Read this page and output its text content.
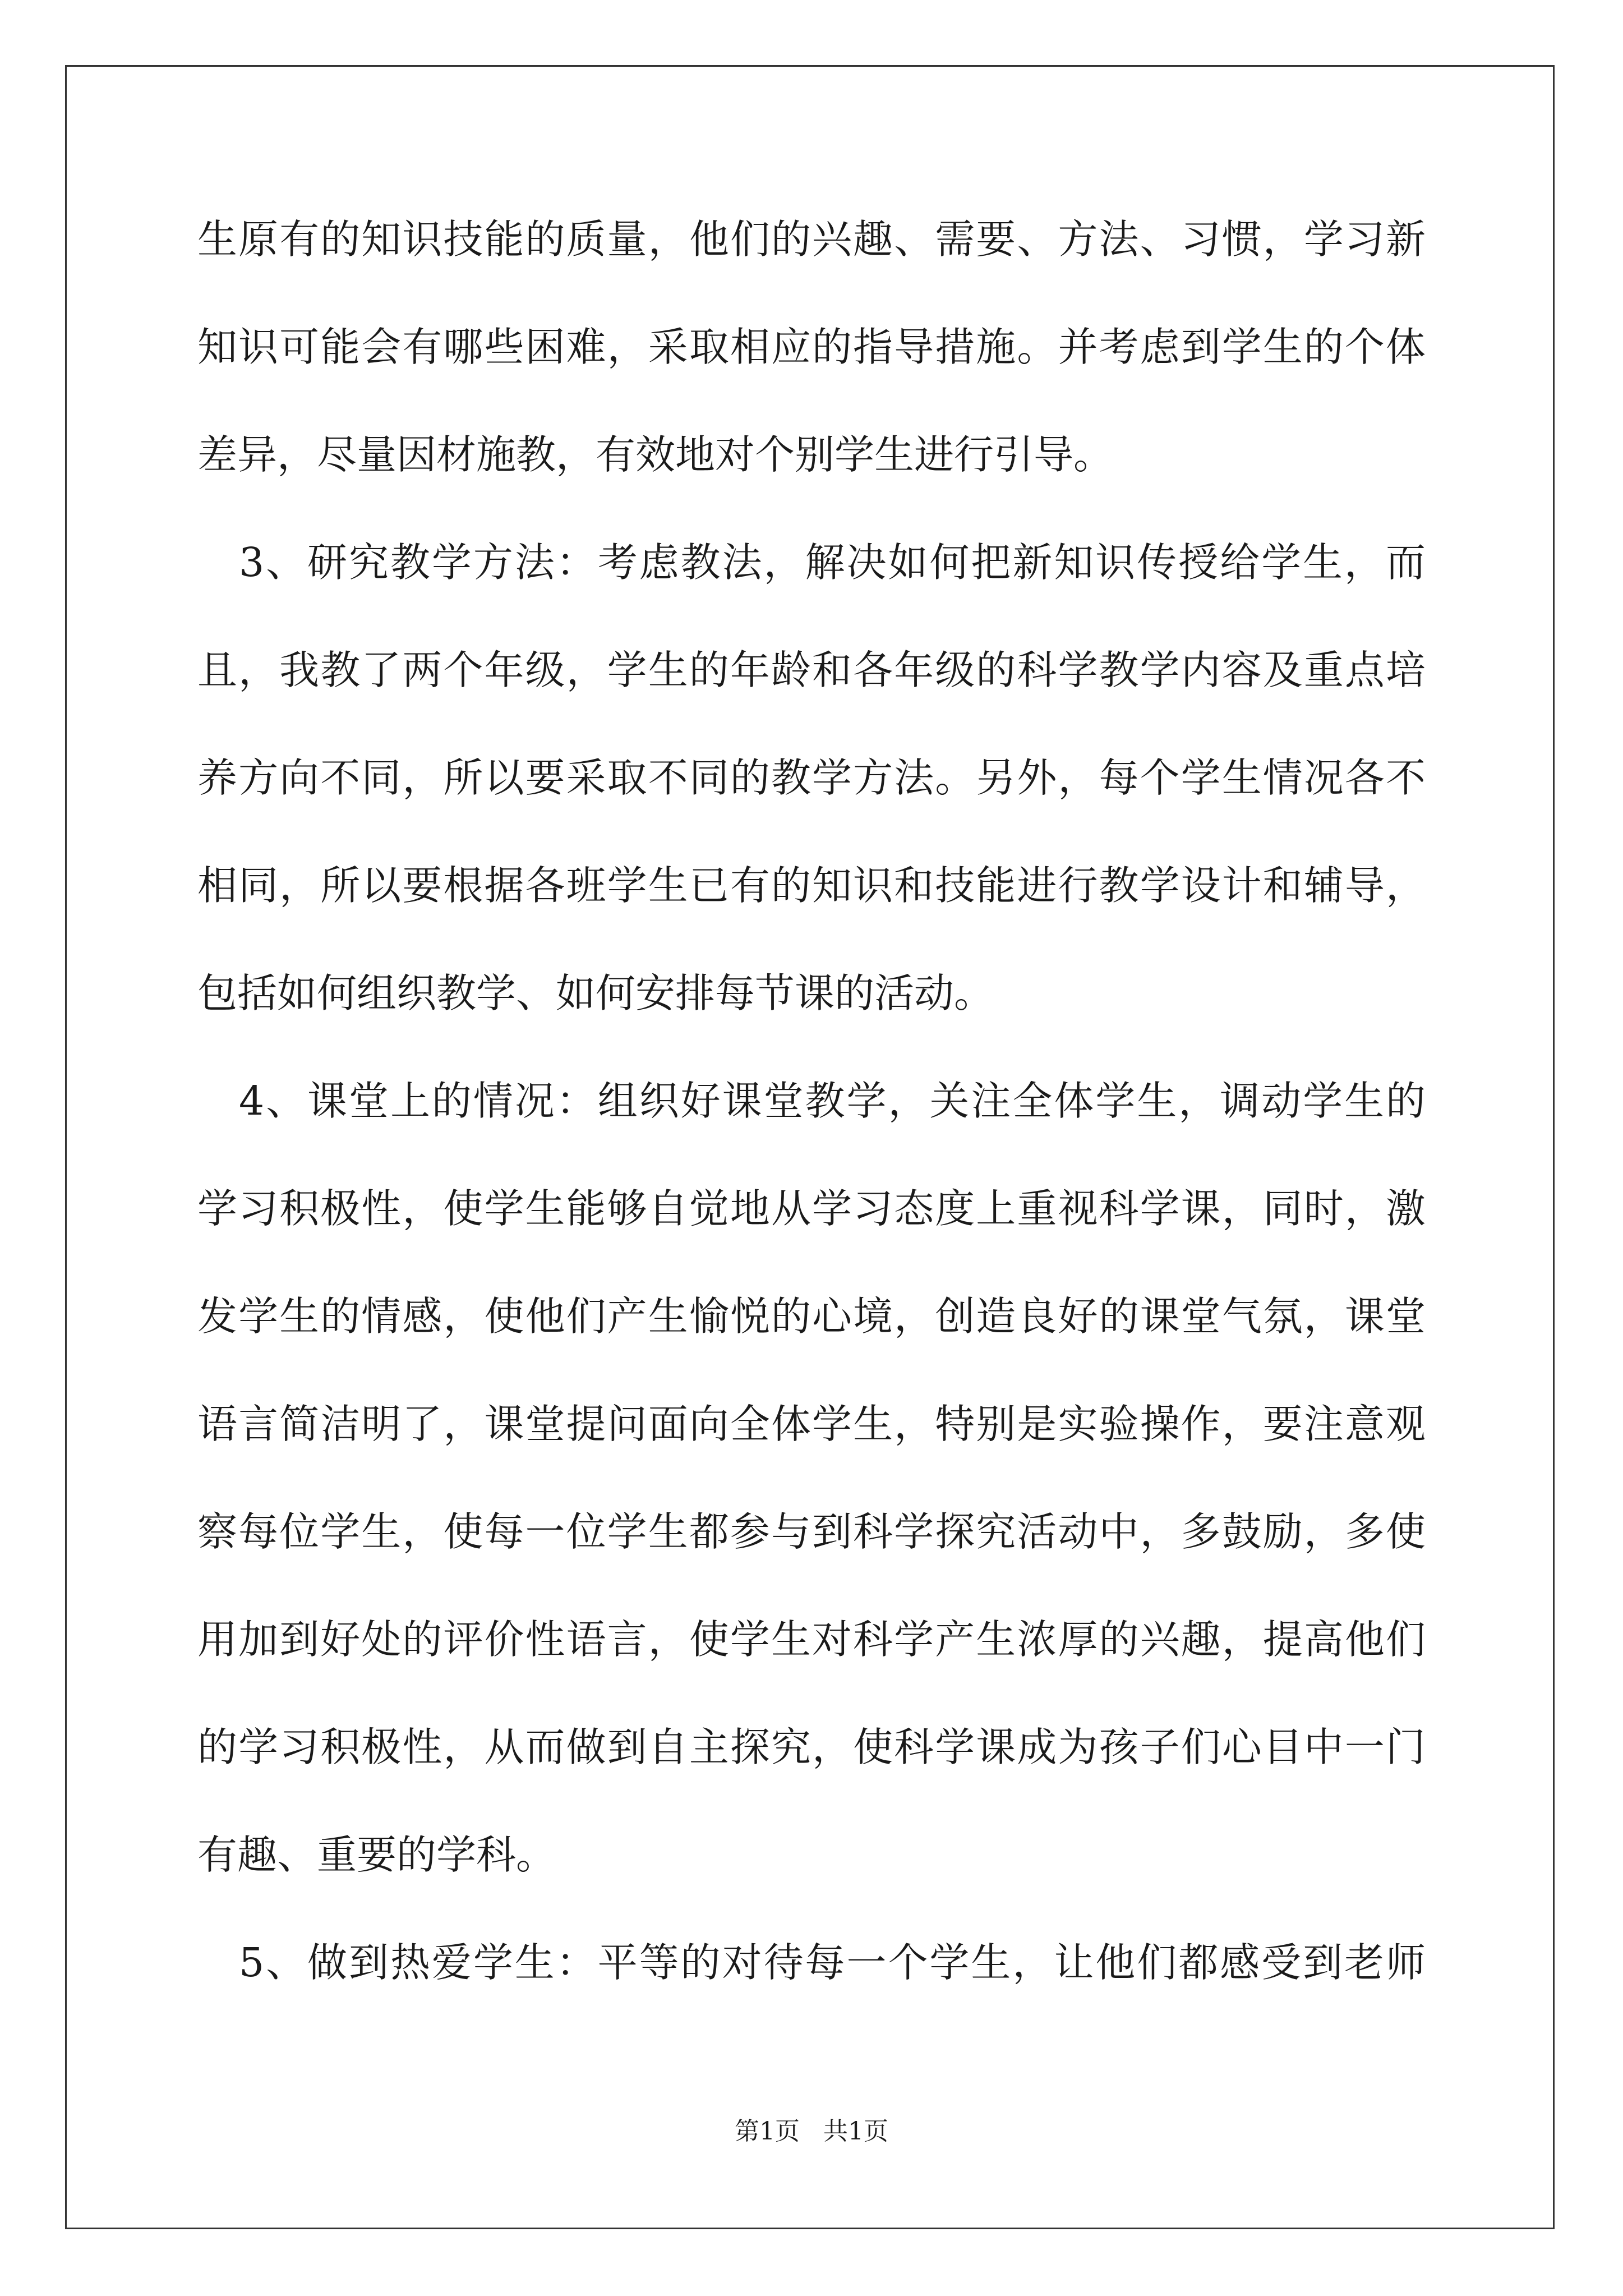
生原有的知识技能的质量，他们的兴趣、需要、方法、习惯，学习新
知识可能会有哪些困难，采取相应的指导措施。并考虑到学生的个体
差异，尽量因材施教，有效地对个别学生进行引导。
　3、研究教学方法：考虑教法，解决如何把新知识传授给学生，而
且，我教了两个年级，学生的年龄和各年级的科学教学内容及重点培
养方向不同，所以要采取不同的教学方法。另外，每个学生情况各不
相同，所以要根据各班学生已有的知识和技能进行教学设计和辅导，
包括如何组织教学、如何安排每节课的活动。
　4、课堂上的情况：组织好课堂教学，关注全体学生，调动学生的
学习积极性，使学生能够自觉地从学习态度上重视科学课，同时，激
发学生的情感，使他们产生愉悦的心境，创造良好的课堂气氛，课堂
语言简洁明了，课堂提问面向全体学生，特别是实验操作，要注意观
察每位学生，使每一位学生都参与到科学探究活动中，多鼓励，多使
用加到好处的评价性语言，使学生对科学产生浓厚的兴趣，提高他们
的学习积极性，从而做到自主探究，使科学课成为孩子们心目中一门
有趣、重要的学科。
　5、做到热爱学生：平等的对待每一个学生，让他们都感受到老师
第1页   共1页
